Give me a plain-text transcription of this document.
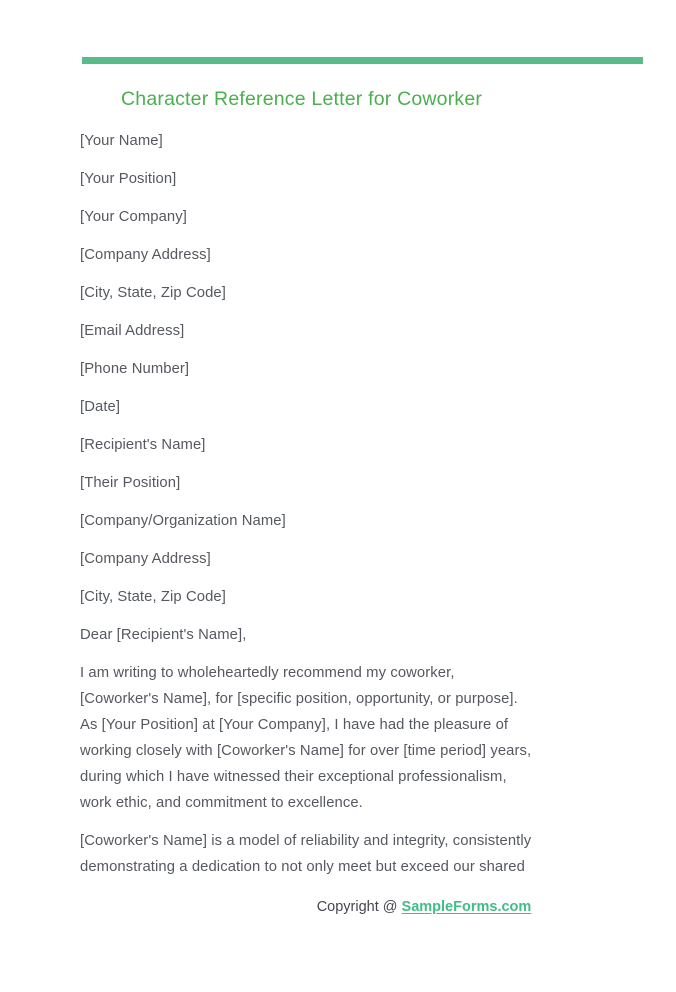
Character Reference Letter for Coworker

[Your Name]

[Your Position]

[Your Company]

[Company Address]

[City, State, Zip Code]

[Email Address]

[Phone Number]

[Date]

[Recipient's Name]

[Their Position]

[Company/Organization Name]

[Company Address]

[City, State, Zip Code]

Dear [Recipient's Name],

I am writing to wholeheartedly recommend my coworker, [Coworker's Name], for [specific position, opportunity, or purpose]. As [Your Position] at [Your Company], I have had the pleasure of working closely with [Coworker's Name] for over [time period] years, during which I have witnessed their exceptional professionalism, work ethic, and commitment to excellence.

[Coworker's Name] is a model of reliability and integrity, consistently demonstrating a dedication to not only meet but exceed our shared

Copyright @ SampleForms.com
